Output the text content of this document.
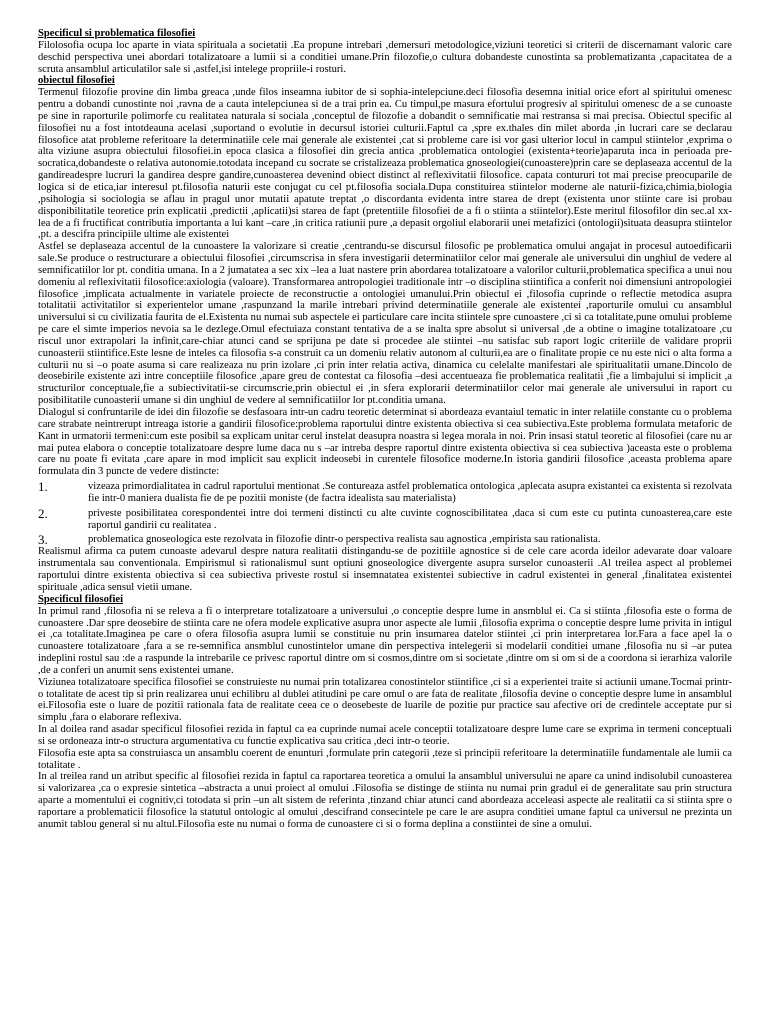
Specificul si problematica filosofiei

Filolosofia ocupa loc aparte in viata spirituala a societatii .Ea propune intrebari ,demersuri metodologice,viziuni teoretici si criterii de discernamant valoric care deschid perspectiva unei abordari totalizatoare a lumii si a conditiei umane.Prin filozofie,o cultura dobandeste cunostinta sa problematizanta ,capacitatea de a scruta ansamblul articulatilor sale si ,astfel,isi intelege propriile-i rosturi.

obiectul filosofiei

Termenul filozofie provine din limba greaca ,unde filos inseamna iubitor de si sophia-intelepciune.deci filosofia desemna initial orice efort al spiritului omenesc pentru a dobandi cunostinte noi ,ravna de a cauta intelepciunea si de a trai prin ea. Cu timpul,pe masura efortului progresiv al spiritului omenesc de a se cunoaste pe sine in raporturile polimorfe cu realitatea naturala si sociala ,conceptul de filozofie a dobandit o semnificatie mai restransa si mai precisa. Obiectul specific al filosofiei nu a fost intotdeauna acelasi ,suportand o evolutie in decursul istoriei culturii.Faptul ca ,spre ex.thales din milet aborda ,in lucrari care se declarau filosofice atat probleme referitoare la determinatiile cele mai generale ale existentei ,cat si probleme care isi vor gasi ulterior locul in campul stiintelor ,exprima o alta viziune asupra obiectului filosofiei.in epoca clasica a filosofiei din grecia antica ,problematica ontologiei (existenta+teorie)aparuta inca in perioada pre-socratica,dobandeste o relativa autonomie.totodata incepand cu socrate se cristalizeaza problematica gnoseologiei(cunoastere)prin care se deplaseaza accentul de la gandireadespre lucruri la gandirea despre gandire,cunoasterea devenind obiect distinct al reflexivitatii filosofice. capata contururi tot mai precise preocuparile de logica si de etica,iar interesul pt.filosofia naturii este conjugat cu cel pt.filosofia sociala.Dupa constituirea stiintelor moderne ale naturii-fizica,chimia,biologia ,psihologia si sociologia se aflau in pragul unor mutatii apatute treptat ,o discordanta evidenta intre starea de drept (existenta unor stiinte care isi probau disponibilitatile teoretice prin explicatii ,predictii ,aplicatii)si starea de fapt (pretentiile filosofiei de a fi o stiinta a stiintelor).Este meritul filosofilor din sec.al xx-lea de a fi fructificat contributia importanta a lui kant –care ,in critica ratiunii pure ,a depasit orgoliul elaborarii unei metafizici (ontologii)situata deasupra stiintelor ,pt. a descifra principiile ultime ale existentei

Astfel se deplaseaza accentul de la cunoastere la valorizare si creatie ,centrandu-se discursul filosofic pe problematica omului angajat in procesul autoedificarii sale.Se produce o restructurare a obiectului filosofiei ,circumscrisa in sfera investigarii determinatiilor celor mai generale ale universului din unghiul de vedere al semnificatiilor lor pt. conditia umana. In a 2 jumatatea a sec xix –lea a luat nastere prin abordarea totalizatoare a valorilor culturii,problematica specifica a unui nou domeniu al reflexivitatii filosofice:axiologia (valoare). Transformarea antropologiei traditionale intr –o disciplina stiintifica a conferit noi dimensiuni antropologiei filosofice ,implicata actualmente in variatele proiecte de reconstructie a ontologiei umanului.Prin obiectul ei ,filosofia cuprinde o reflectie metodica asupra totalitatii activitatilor si experientelor umane ,raspunzand la marile intrebari privind determinatiile generale ale existentei ,raporturile omului cu ansamblul universului si cu civilizatia faurita de el.Existenta nu numai sub aspectele ei particulare care incita stiintele spre cunoastere ,ci si ca totalitate,pune omului probleme pe care el simte imperios nevoia sa le dezlege.Omul efectuiaza constant tentativa de a se inalta spre absolut si universal ,de a obtine o imagine totalizatoare ,cu riscul unor extrapolari la infinit,care-chiar atunci cand se sprijuna pe date si procedee ale stiintei –nu satisfac sub raport logic criteriile de validare proprii cunoasterii stiintifice.Este lesne de inteles ca filosofia s-a construit ca un domeniu relativ autonom al culturii,ea are o finalitate propie ce nu este nici o alta forma a culturii nu si –o poate asuma si care realizeaza nu prin izolare ,ci prin inter relatia activa, dinamica cu celelalte manifestari ale spiritualitatii umane.Dincolo de deosebirile existente azi intre conceptiile filosofice ,apare greu de contestat ca filosofia –desi accentueaza fie problematica realitatii ,fie a limbajului si implicit ,a structurilor conceptuale,fie a subiectivitatii-se circumscrie,prin obiectul ei ,in sfera explorarii determinatiilor celor mai generale ale universului in raport cu posibilitatile cunoasterii umane si din unghiul de vedere al semnificatiilor lor pt.conditia umana.

Dialogul si confruntarile de idei din filozofie se desfasoara intr-un cadru teoretic determinat si abordeaza evantaiul tematic in inter relatiile constante cu o problema care strabate neintrerupt intreaga istorie a gandirii filosofice:problema raportului dintre existenta obiectiva si cea subiectiva.Este problema formulata metaforic de Kant in urmatorii termeni:cum este posibil sa explicam unitar cerul instelat deasupra noastra si legea morala in noi. Prin insasi statul teoretic al filosofiei (care nu ar mai putea elabora o conceptie totalizatoare despre lume daca nu s –ar intreba despre raportul dintre existenta obiectiva si cea subiectiva )aceasta este o problema care nu poate fi evitata ,care apare in mod implicit sau explicit indeosebi in curentele filosofice moderne.In istoria gandirii filosofice ,aceasta problema apare formulata din 3 puncte de vedere distincte:

1.	vizeaza primordialitatea in cadrul raportului mentionat .Se contureaza astfel problematica ontologica ,aplecata asupra existantei ca existenta si rezolvata fie intr-0 maniera dualista fie de pe pozitii moniste (de factra idealista sau materialista)
2.	priveste posibilitatea corespondentei intre doi termeni distincti cu alte cuvinte cognoscibilitatea ,daca si cum este cu putinta cunoasterea,care este raportul gandirii cu realitatea .
3.	problematica gnoseologica este rezolvata in filozofie dintr-o perspectiva realista sau agnostica ,empirista sau rationalista.

Realismul afirma ca putem cunoaste adevarul despre natura realitatii distingandu-se de pozitiile agnostice si de cele care acorda ideilor adevarate doar valoare instrumentala sau conventionala. Empirismul si rationalismul sunt optiuni gnoseologice divergente asupra surselor cunoasterii .Al treilea aspect al problemei raportului dintre existenta obiectiva si cea subiectiva priveste rostul si insemnatatea existentei subiective in cadrul existentei in general ,finalitatea existentei spirituale ,adica sensul vietii umane.

Specificul filosofiei

In primul rand ,filosofia ni se releva a fi o interpretare totalizatoare a universului ,o conceptie despre lume in ansmblul ei. Ca si stiinta ,filosofia este o forma de cunoastere .Dar spre deosebire de stiinta care ne ofera modele explicative asupra unor aspecte ale lumii ,filosofia exprima o conceptie despre lume privita in intigul ei ,ca totalitate.Imaginea pe care o ofera filosofia asupra lumii se constituie nu prin insumarea datelor stiintei ,ci prin interpretarea lor.Fara a face apel la o cunoastere totalizatoare ,fara a se re-semnifica ansmblul cunostintelor umane din perspectiva intelegerii si modelarii conditiei umane ,filosofia nu si –ar putea indeplini rostul sau :de a raspunde la intrebarile ce privesc raportul dintre om si cosmos,dintre om si societate ,dintre om si om si de a coordona si ierarhiza valorile ,de a conferi un anumit sens existentei umane.

Viziunea totalizatoare specifica filosofiei se construieste nu numai prin totalizarea conostintelor stiintifice ,ci si a experientei traite si actiunii umane.Tocmai printr-o totalitate de acest tip si prin realizarea unui echilibru al dublei atitudini pe care omul o are fata de realitate ,filosofia devine o conceptie despre lume in ansamblul ei.Filosofia este o luare de pozitii rationala fata de realitate ceea ce o deosebeste de luarile de pozitie pur practice sau afective ori de credintele acceptate pur si simplu ,fara o elaborare reflexiva.

In al doilea rand asadar specificul filosofiei rezida in faptul ca ea cuprinde numai acele conceptii totalizatoare despre lume care se exprima in termeni conceptuali si se ordoneaza intr-o structura argumentativa cu functie explicativa sau critica ,deci intr-o teorie.

Filosofia este apta sa construiasca un ansamblu coerent de enunturi ,formulate prin categorii ,teze si principii referitoare la determinatiile fundamentale ale lumii ca totalitate .

In al treilea rand un atribut specific al filosofiei rezida in faptul ca raportarea teoretica a omului la ansamblul universului ne apare ca unind indisolubil cunoasterea si valorizarea ,ca o expresie sintetica –abstracta a unui proiect al omului .Filosofia se distinge de stiinta nu numai prin gradul ei de generalitate sau prin structura aparte a momentului ei cognitiv,ci totodata si prin –un alt sistem de referinta ,tinzand chiar atunci cand abordeaza acceleasi aspecte ale realitatii ca si stiinta spre o raportare a problematicii filosofice la statutul ontologic al omului ,descifrand consecintele pe care le are asupra conditiei umane faptul ca universul ne prezinta un anumit tablou general si nu altul.Filosofia este nu numai o forma de cunoastere ci si o forma deplina a constiintei de sine a omului.
